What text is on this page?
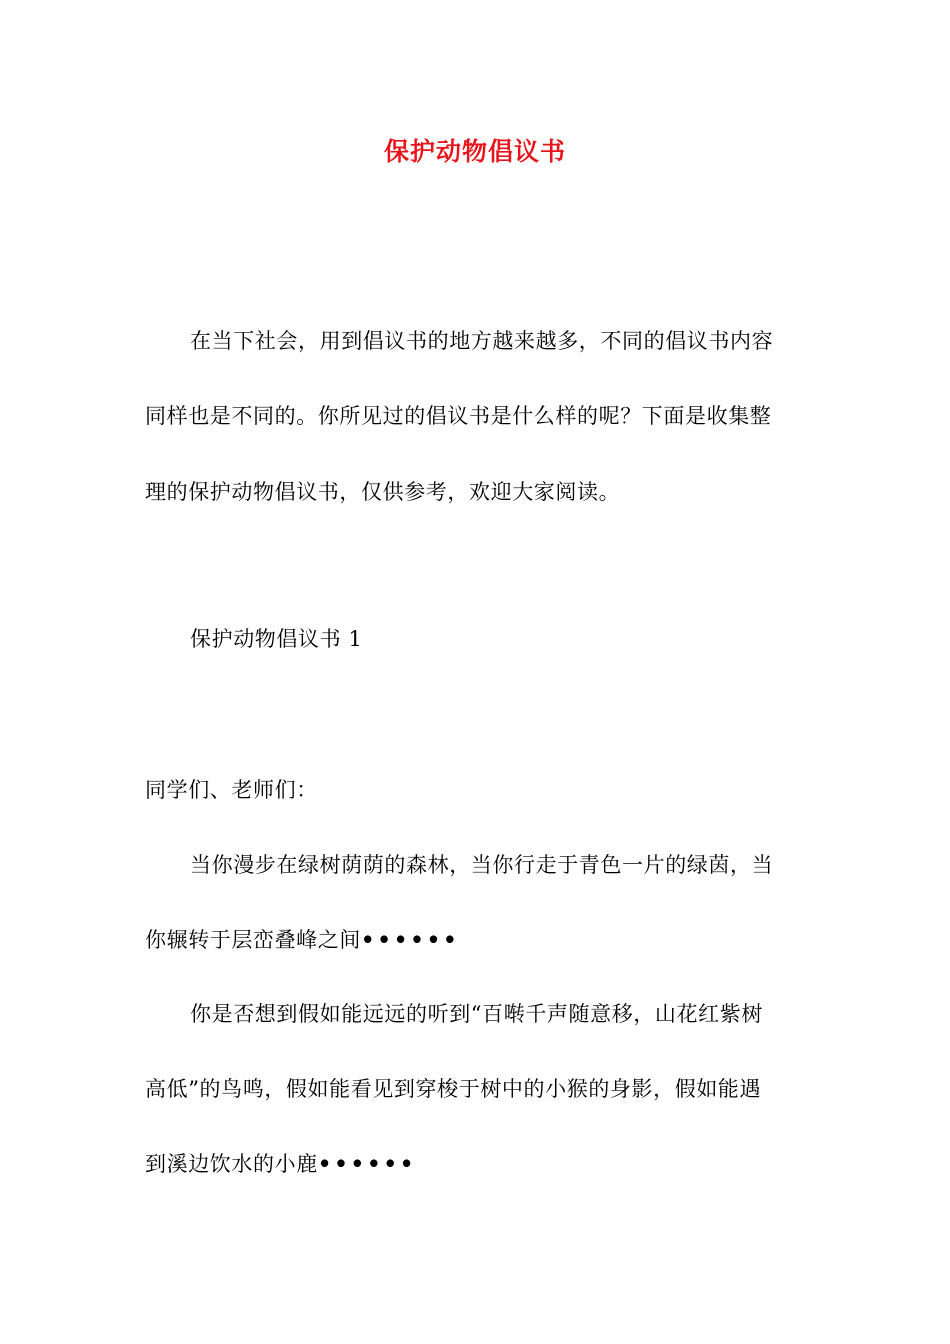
保护动物倡议书
在当下社会，用到倡议书的地方越来越多，不同的倡议书内容
同样也是不同的。你所见过的倡议书是什么样的呢？下面是收集整
理的保护动物倡议书，仅供参考，欢迎大家阅读。
保护动物倡议书 1
同学们、老师们：
当你漫步在绿树荫荫的森林，当你行走于青色一片的绿茵，当
你辗转于层峦叠峰之间••••••
你是否想到假如能远远的听到“百啭千声随意移，山花红紫树
高低”的鸟鸣，假如能看见到穿梭于树中的小猴的身影，假如能遇
到溪边饮水的小鹿••••••
